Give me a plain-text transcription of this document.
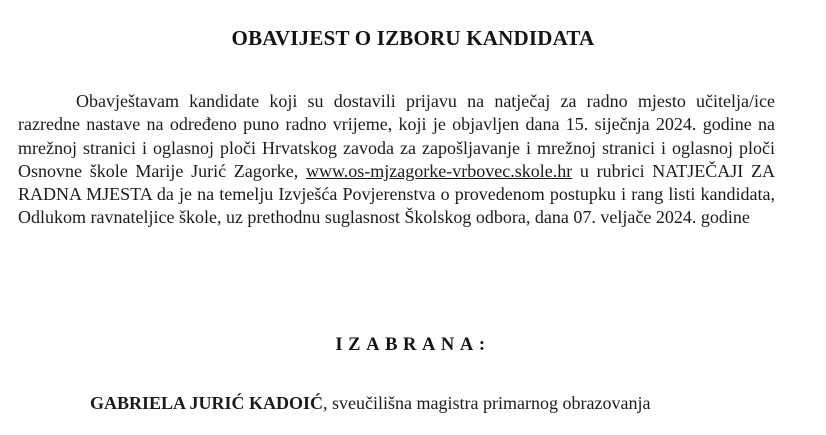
OBAVIJEST O IZBORU KANDIDATA
Obavještavam kandidate koji su dostavili prijavu na natječaj za radno mjesto učitelja/ice razredne nastave na određeno puno radno vrijeme, koji je objavljen dana 15. siječnja 2024. godine na mrežnoj stranici i oglasnoj ploči Hrvatskog zavoda za zapošljavanje i mrežnoj stranici i oglasnoj ploči Osnovne škole Marije Jurić Zagorke, www.os-mjzagorke-vrbovec.skole.hr u rubrici NATJEČAJI ZA RADNA MJESTA da je na temelju Izvješća Povjerenstva o provedenom postupku i rang listi kandidata, Odlukom ravnateljice škole, uz prethodnu suglasnost Školskog odbora, dana 07. veljače 2024. godine
IZABRANA:
GABRIELA JURIĆ KADOIĆ, sveučilišna magistra primarnog obrazovanja
